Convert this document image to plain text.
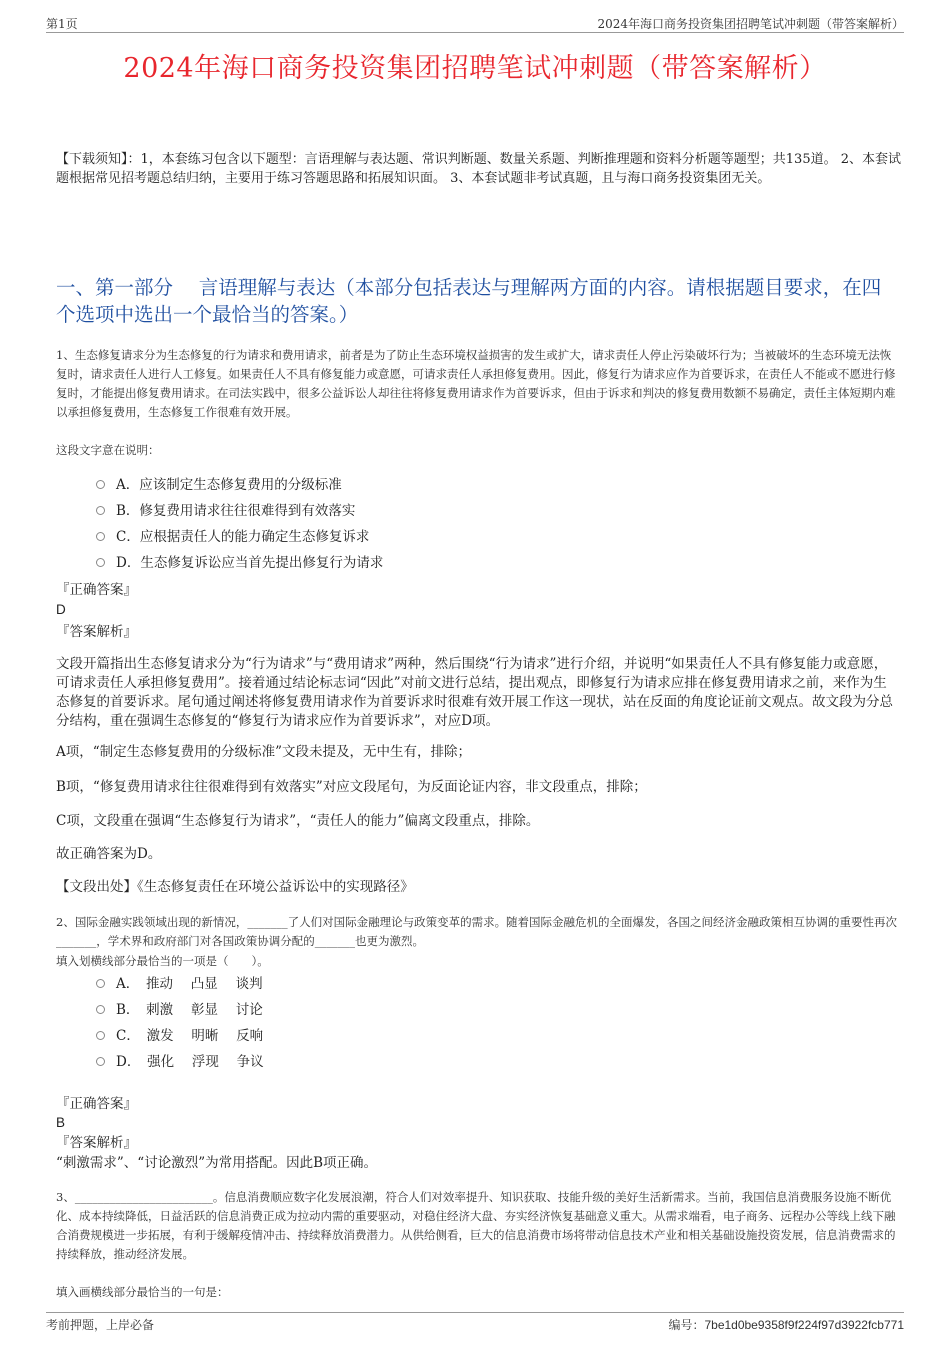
第1页	2024年海口商务投资集团招聘笔试冲刺题（带答案解析）
2024年海口商务投资集团招聘笔试冲刺题（带答案解析）
【下载须知】：1，本套练习包含以下题型：言语理解与表达题、常识判断题、数量关系题、判断推理题和资料分析题等题型；共135道。 2、本套试题根据常见招考题总结归纳，主要用于练习答题思路和拓展知识面。 3、本套试题非考试真题，且与海口商务投资集团无关。
一、第一部分　 言语理解与表达（本部分包括表达与理解两方面的内容。请根据题目要求，在四个选项中选出一个最恰当的答案。）
1、生态修复请求分为生态修复的行为请求和费用请求，前者是为了防止生态环境权益损害的发生或扩大，请求责任人停止污染破坏行为；当被破坏的生态环境无法恢复时，请求责任人进行人工修复。如果责任人不具有修复能力或意愿，可请求责任人承担修复费用。因此，修复行为请求应作为首要诉求，在责任人不能或不愿进行修复时，才能提出修复费用请求。在司法实践中，很多公益诉讼人却往往将修复费用请求作为首要诉求，但由于诉求和判决的修复费用数额不易确定，责任主体短期内难以承担修复费用，生态修复工作很难有效开展。
这段文字意在说明：
A．应该制定生态修复费用的分级标准
B．修复费用请求往往很难得到有效落实
C．应根据责任人的能力确定生态修复诉求
D．生态修复诉讼应当首先提出修复行为请求
『正确答案』
D
『答案解析』
文段开篇指出生态修复请求分为“行为请求”与“费用请求”两种，然后围绕“行为请求”进行介绍，并说明“如果责任人不具有修复能力或意愿，可请求责任人承担修复费用”。接着通过结论标志词“因此”对前文进行总结，提出观点，即修复行为请求应排在修复费用请求之前，来作为生态修复的首要诉求。尾句通过阐述将修复费用请求作为首要诉求时很难有效开展工作这一现状，站在反面的角度论证前文观点。故文段为分总分结构，重在强调生态修复的“修复行为请求应作为首要诉求”，对应D项。
A项，“制定生态修复费用的分级标准”文段未提及，无中生有，排除；
B项，“修复费用请求往往很难得到有效落实”对应文段尾句，为反面论证内容，非文段重点，排除；
C项，文段重在强调“生态修复行为请求”，“责任人的能力”偏离文段重点，排除。
故正确答案为D。
【文段出处】《生态修复责任在环境公益诉讼中的实现路径》
2、国际金融实践领域出现的新情况，_______了人们对国际金融理论与政策变革的需求。随着国际金融危机的全面爆发，各国之间经济金融政策相互协调的重要性再次_______，学术界和政府部门对各国政策协调分配的_______也更为激烈。
填入划横线部分最恰当的一项是（　　）。
A．　推动　 凸显　 谈判
B．　刺激　 彰显　 讨论
C．　激发　 明晰　 反响
D．　强化　 浮现　 争议
『正确答案』
B
『答案解析』
“刺激需求”、“讨论激烈”为常用搭配。因此B项正确。
3、________________________。信息消费顺应数字化发展浪潮，符合人们对效率提升、知识获取、技能升级的美好生活新需求。当前，我国信息消费服务设施不断优化、成本持续降低，日益活跃的信息消费正成为拉动内需的重要驱动，对稳住经济大盘、夯实经济恢复基础意义重大。从需求端看，电子商务、远程办公等线上线下融合消费规模进一步拓展，有利于缓解疫情冲击、持续释放消费潜力。从供给侧看，巨大的信息消费市场将带动信息技术产业和相关基础设施投资发展，信息消费需求的持续释放，推动经济发展。
填入画横线部分最恰当的一句是：
考前押题，上岸必备	编号：7be1d0be9358f9f224f97d3922fcb771
